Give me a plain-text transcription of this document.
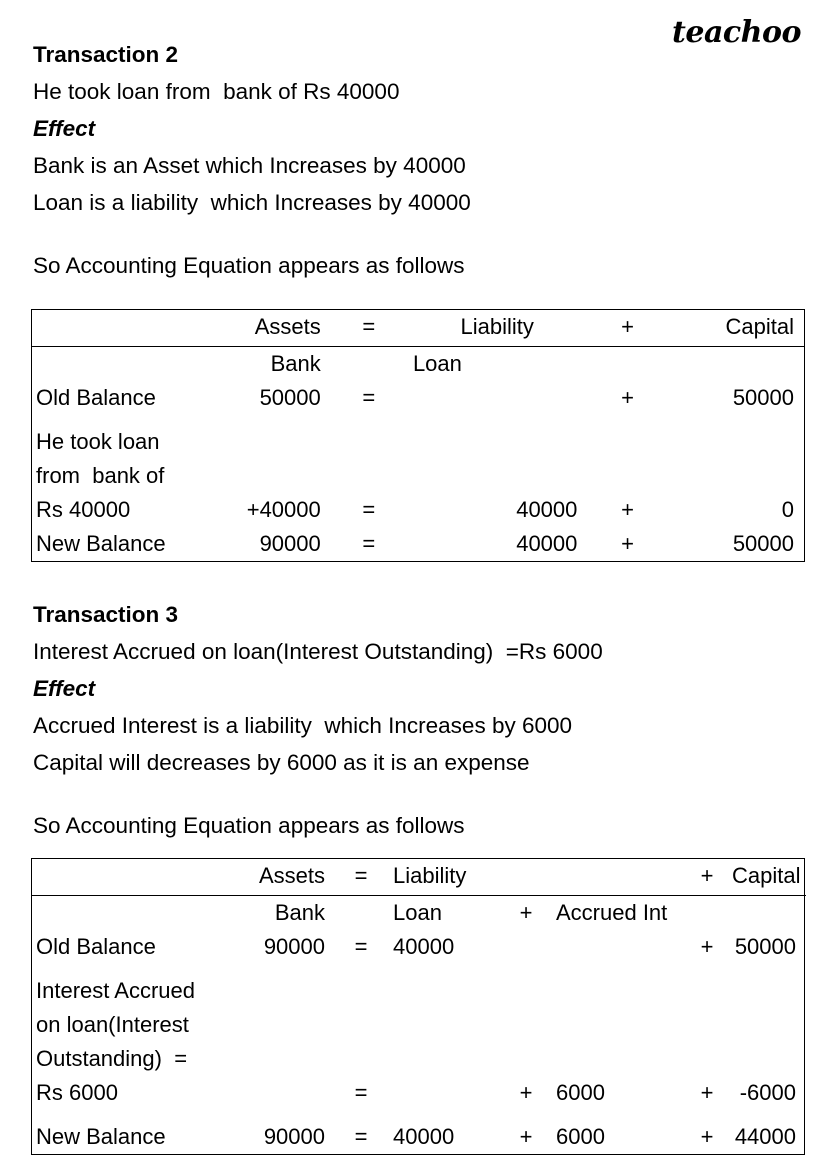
teachoo
Transaction 2
He took loan from  bank of Rs 40000
Effect
Bank is an Asset which Increases by 40000
Loan is a liability  which Increases by 40000
So Accounting Equation appears as follows
	Assets	=	Liability	+	Capital
	Bank		Loan		
Old Balance	50000	=		+	50000

He took loan					
from  bank of					
Rs 40000	+40000	=	40000	+	0
New Balance	90000	=	40000	+	50000
Transaction 3
Interest Accrued on loan(Interest Outstanding)  =Rs 6000
Effect
Accrued Interest is a liability  which Increases by 6000
Capital will decreases by 6000 as it is an expense
So Accounting Equation appears as follows
	Assets	=	Liability			+	Capital
	Bank		Loan	+	Accrued Int		
Old Balance	90000	=	40000			+	50000

Interest Accrued							
on loan(Interest							
Outstanding)  =							
Rs 6000		=		+	6000	+	-6000

New Balance	90000	=	40000	+	6000	+	44000
